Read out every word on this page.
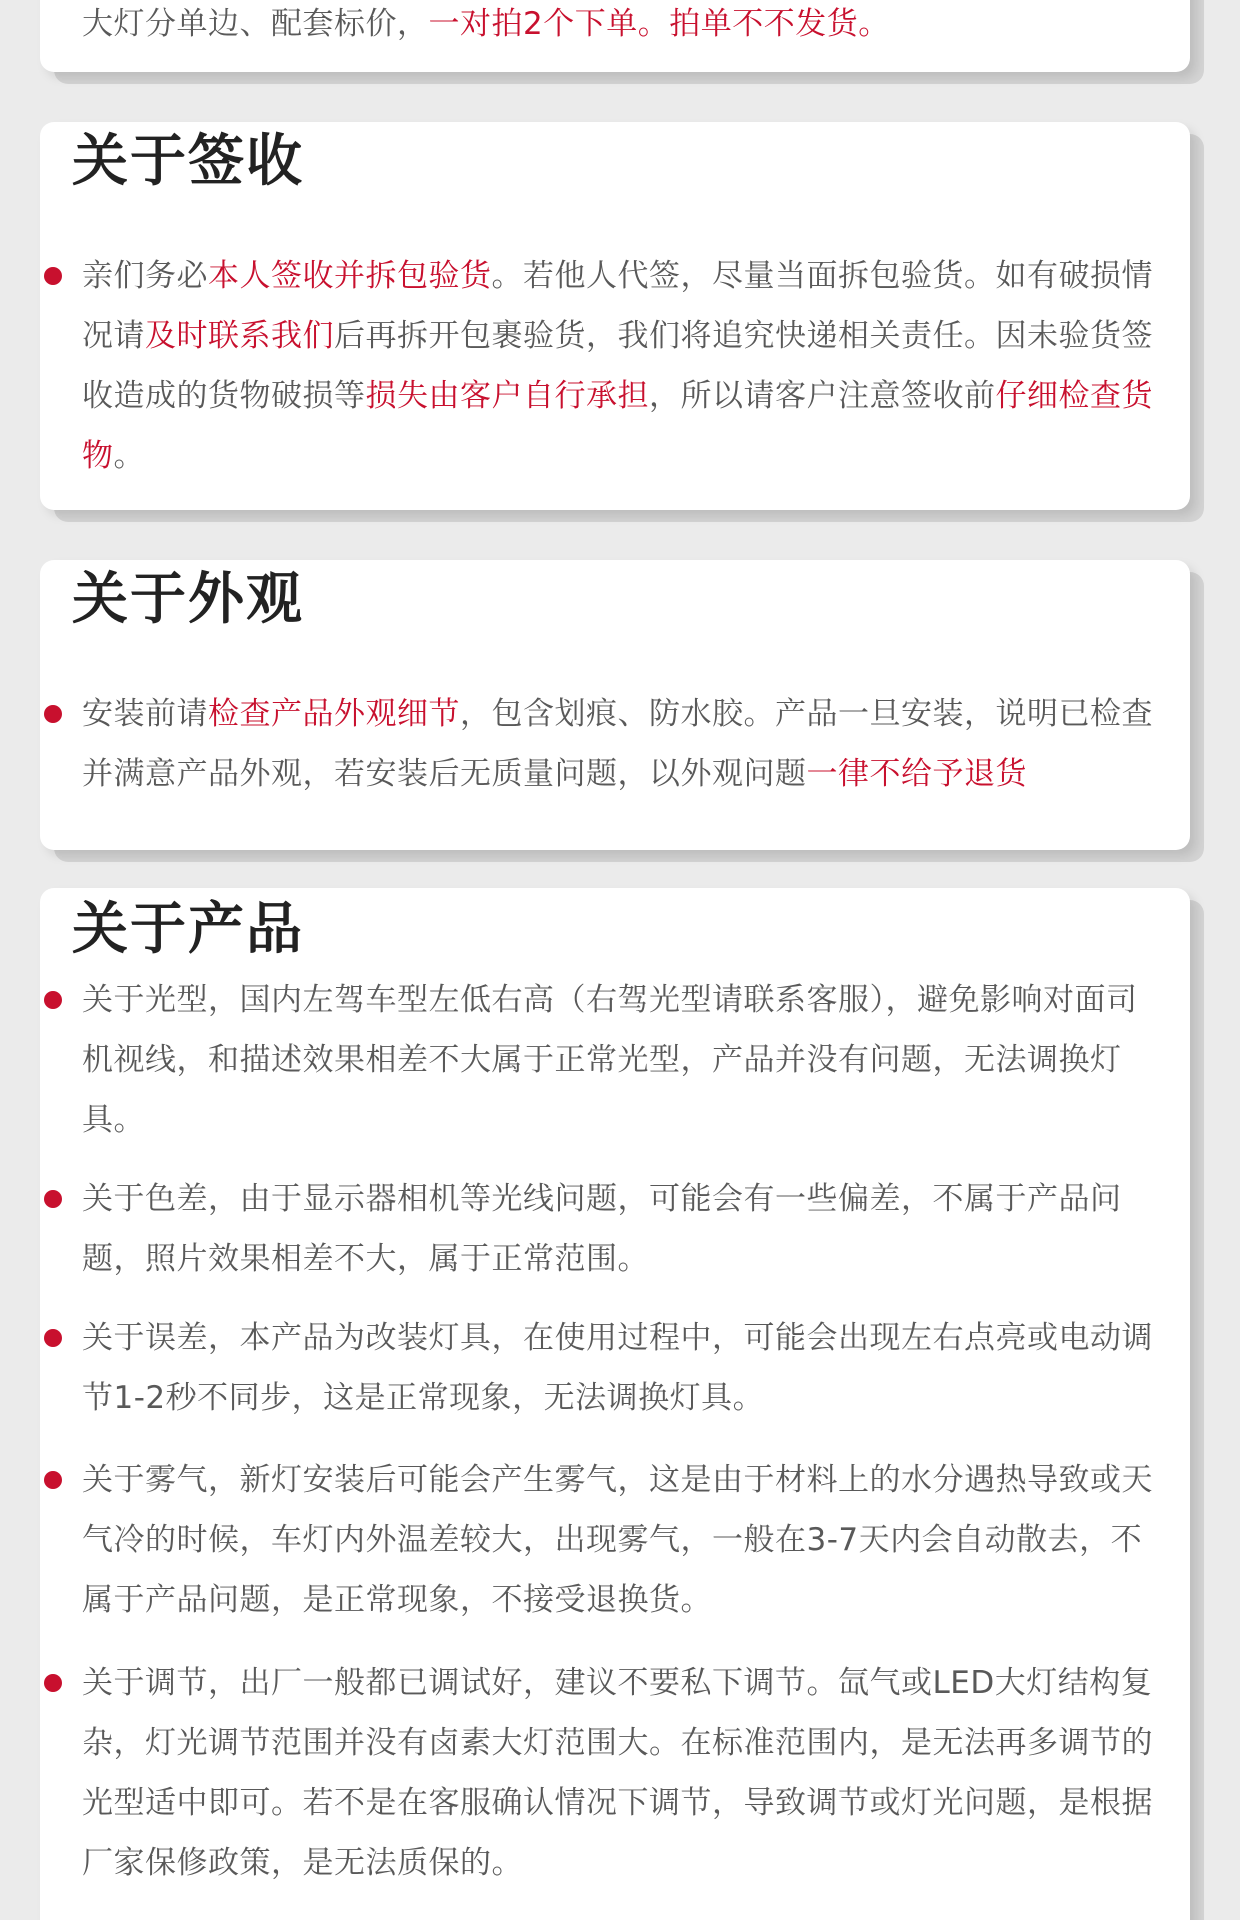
大灯分单边、配套标价，一对拍2个下单。拍单不不发货。
关于签收
亲们务必本人签收并拆包验货。若他人代签，尽量当面拆包验货。如有破损情况请及时联系我们后再拆开包裹验货，我们将追究快递相关责任。因未验货签收造成的货物破损等损失由客户自行承担，所以请客户注意签收前仔细检查货物。
关于外观
安装前请检查产品外观细节，包含划痕、防水胶。产品一旦安装，说明已检查并满意产品外观，若安装后无质量问题，以外观问题一律不给予退货
关于产品
关于光型，国内左驾车型左低右高（右驾光型请联系客服），避免影响对面司机视线，和描述效果相差不大属于正常光型，产品并没有问题，无法调换灯具。
关于色差，由于显示器相机等光线问题，可能会有一些偏差，不属于产品问题，照片效果相差不大，属于正常范围。
关于误差，本产品为改装灯具，在使用过程中，可能会出现左右点亮或电动调节1-2秒不同步，这是正常现象，无法调换灯具。
关于雾气，新灯安装后可能会产生雾气，这是由于材料上的水分遇热导致或天气冷的时候，车灯内外温差较大，出现雾气，一般在3-7天内会自动散去，不属于产品问题，是正常现象，不接受退换货。
关于调节，出厂一般都已调试好，建议不要私下调节。氙气或LED大灯结构复杂，灯光调节范围并没有卤素大灯范围大。在标准范围内，是无法再多调节的光型适中即可。若不是在客服确认情况下调节，导致调节或灯光问题，是根据厂家保修政策，是无法质保的。
